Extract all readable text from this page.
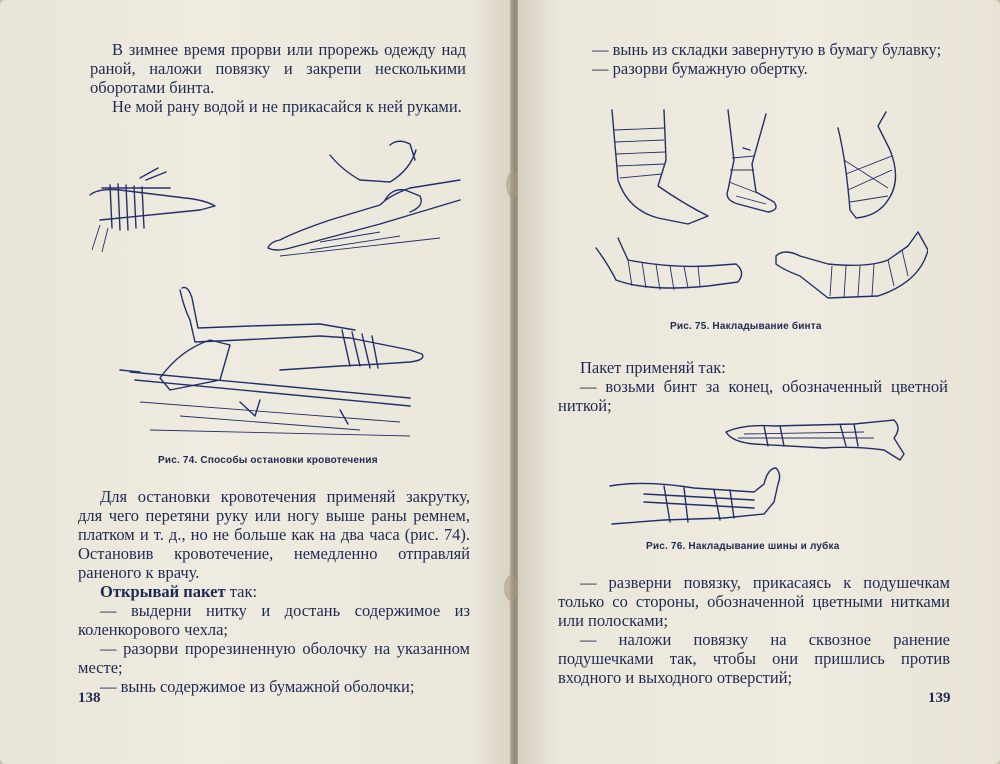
В зимнее время прорви или прорежь одежду над раной, наложи повязку и закрепи несколькими оборотами бинта.

Не мой рану водой и не прикасайся к ней руками.

Рис. 74. Способы остановки кровотечения

Для остановки кровотечения применяй закрутку, для чего перетяни руку или ногу выше раны ремнем, платком и т. д., но не больше как на два часа (рис. 74). Остановив кровотечение, немедленно отправляй раненого к врачу.

Открывай пакет так:

— выдерни нитку и достань содержимое из коленкорового чехла;

— разорви прорезиненную оболочку на указанном месте;

— вынь содержимое из бумажной оболочки;

138

— вынь из складки завернутую в бумагу булавку;

— разорви бумажную обертку.

Рис. 75. Накладывание бинта

Пакет применяй так:

— возьми бинт за конец, обозначенный цветной ниткой;

Рис. 76. Накладывание шины и лубка

— разверни повязку, прикасаясь к подушечкам только со стороны, обозначенной цветными нитками или полосками;

— наложи повязку на сквозное ранение подушечками так, чтобы они пришлись против входного и выходного отверстий;

139
